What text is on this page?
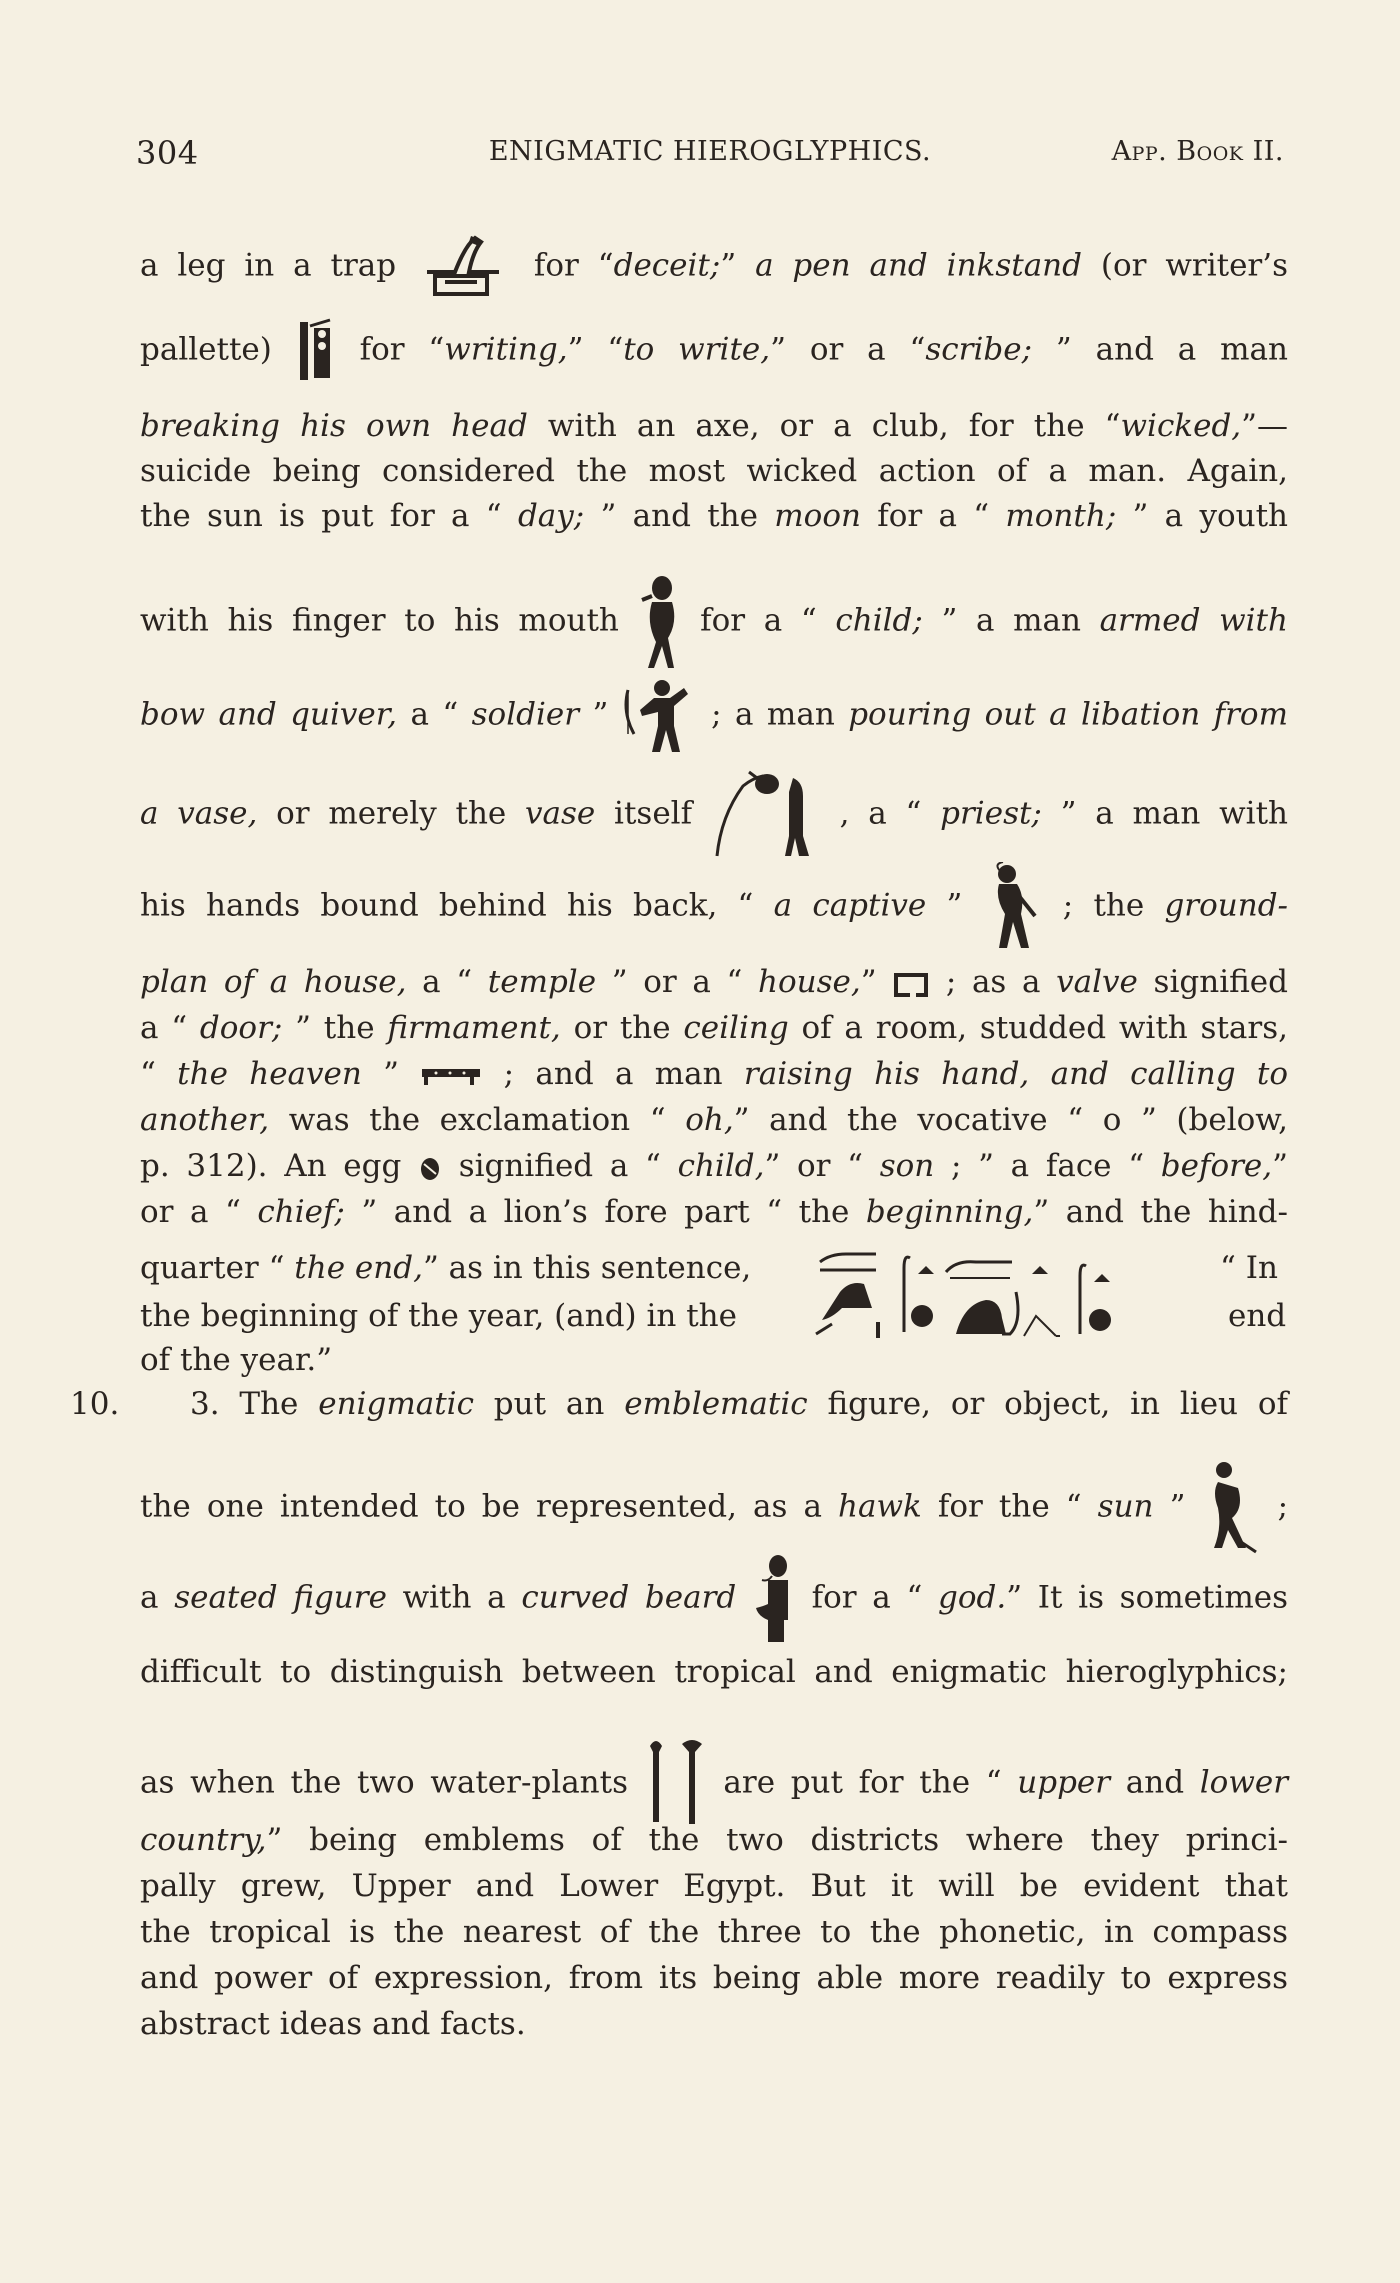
304	ENIGMATIC HIEROGLYPHICS.	App. Book II.
a leg in a trap	for “deceit;” a pen and inkstand (or writer’s
pallette)	for “writing,” “to write,” or a “scribe; ” and a man
breaking his own head with an axe, or a club, for the “wicked,”—
suicide being considered the most wicked action of a man. Again,
the sun is put for a “ day; ” and the moon for a “ month; ” a youth
with his finger to his mouth	for a “ child; ” a man armed with
bow and quiver, a “ soldier ”	; a man pouring out a libation from
a vase, or merely the vase itself	, a “ priest; ” a man with
his hands bound behind his back, “ a captive ”	; the ground-
plan of a house, a “ temple ” or a “ house,” ; as a valve signified
a “ door; ” the firmament, or the ceiling of a room, studded with stars,
“ the heaven ”	; and a man raising his hand, and calling to
another, was the exclamation “ oh,” and the vocative “ o ” (below,
p. 312). An egg signified a “ child,” or “ son ; ” a face “ before,”
or a “ chief; ” and a lion’s fore part “ the beginning,” and the hind-
quarter “ the end,” as in this sentence,	“ In
the beginning of the year, (and) in the	end
of the year.”
10. 3. The enigmatic put an emblematic figure, or object, in lieu of
the one intended to be represented, as a hawk for the “ sun ”	;
a seated figure with a curved beard for a “ god.” It is sometimes
difficult to distinguish between tropical and enigmatic hieroglyphics;
as when the two water-plants	are put for the “ upper and lower
country,” being emblems of the two districts where they princi-
pally grew, Upper and Lower Egypt. But it will be evident that
the tropical is the nearest of the three to the phonetic, in compass
and power of expression, from its being able more readily to express
abstract ideas and facts.
